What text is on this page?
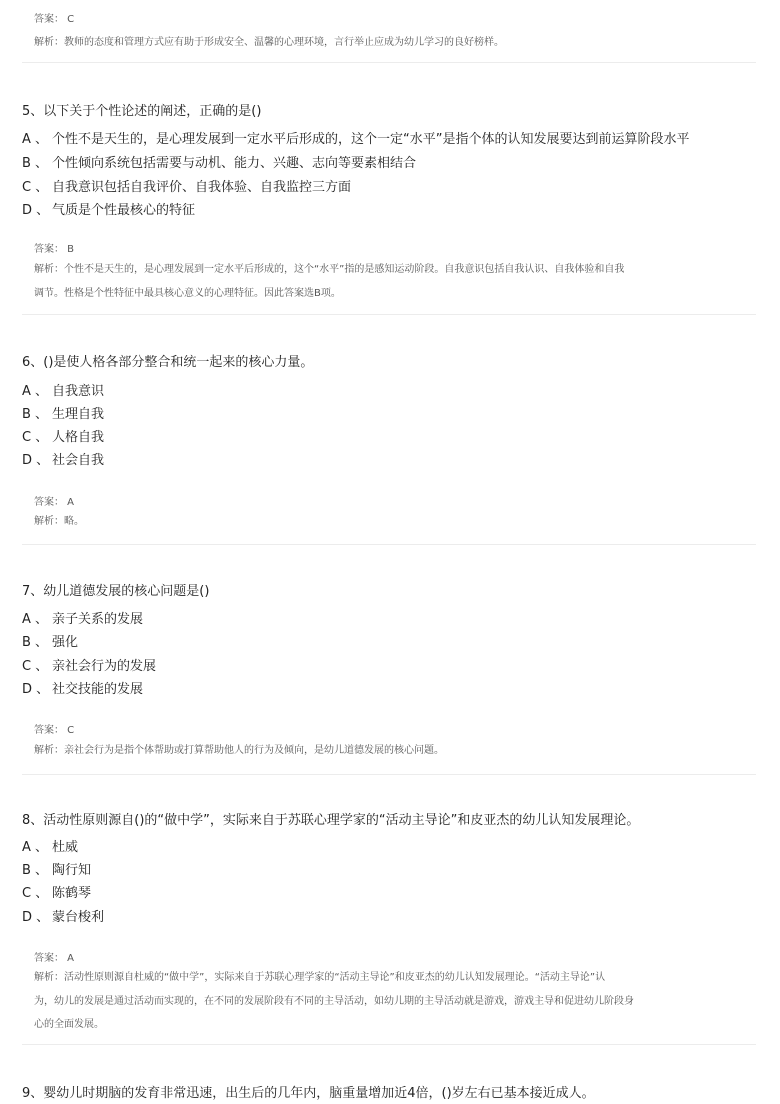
答案： C
解析：教师的态度和管理方式应有助于形成安全、温馨的心理环境，言行举止应成为幼儿学习的良好榜样。
5、以下关于个性论述的阐述，正确的是()
A 、 个性不是天生的，是心理发展到一定水平后形成的，这个一定“水平”是指个体的认知发展要达到前运算阶段水平
B 、 个性倾向系统包括需要与动机、能力、兴趣、志向等要素相结合
C 、 自我意识包括自我评价、自我体验、自我监控三方面
D 、 气质是个性最核心的特征
答案： B
解析：个性不是天生的，是心理发展到一定水平后形成的，这个“水平”指的是感知运动阶段。自我意识包括自我认识、自我体验和自我
调节。性格是个性特征中最具核心意义的心理特征。因此答案选B项。
6、()是使人格各部分整合和统一起来的核心力量。
A 、 自我意识
B 、 生理自我
C 、 人格自我
D 、 社会自我
答案： A
解析：略。
7、幼儿道德发展的核心问题是()
A 、 亲子关系的发展
B 、 强化
C 、 亲社会行为的发展
D 、 社交技能的发展
答案： C
解析：亲社会行为是指个体帮助或打算帮助他人的行为及倾向，是幼儿道德发展的核心问题。
8、活动性原则源自()的“做中学”，实际来自于苏联心理学家的“活动主导论”和皮亚杰的幼儿认知发展理论。
A 、 杜威
B 、 陶行知
C 、 陈鹤琴
D 、 蒙台梭利
答案： A
解析：活动性原则源自杜威的“做中学”，实际来自于苏联心理学家的“活动主导论”和皮亚杰的幼儿认知发展理论。“活动主导论”认
为，幼儿的发展是通过活动而实现的，在不同的发展阶段有不同的主导活动，如幼儿期的主导活动就是游戏，游戏主导和促进幼儿阶段身
心的全面发展。
9、婴幼儿时期脑的发育非常迅速，出生后的几年内，脑重量增加近4倍，()岁左右已基本接近成人。
